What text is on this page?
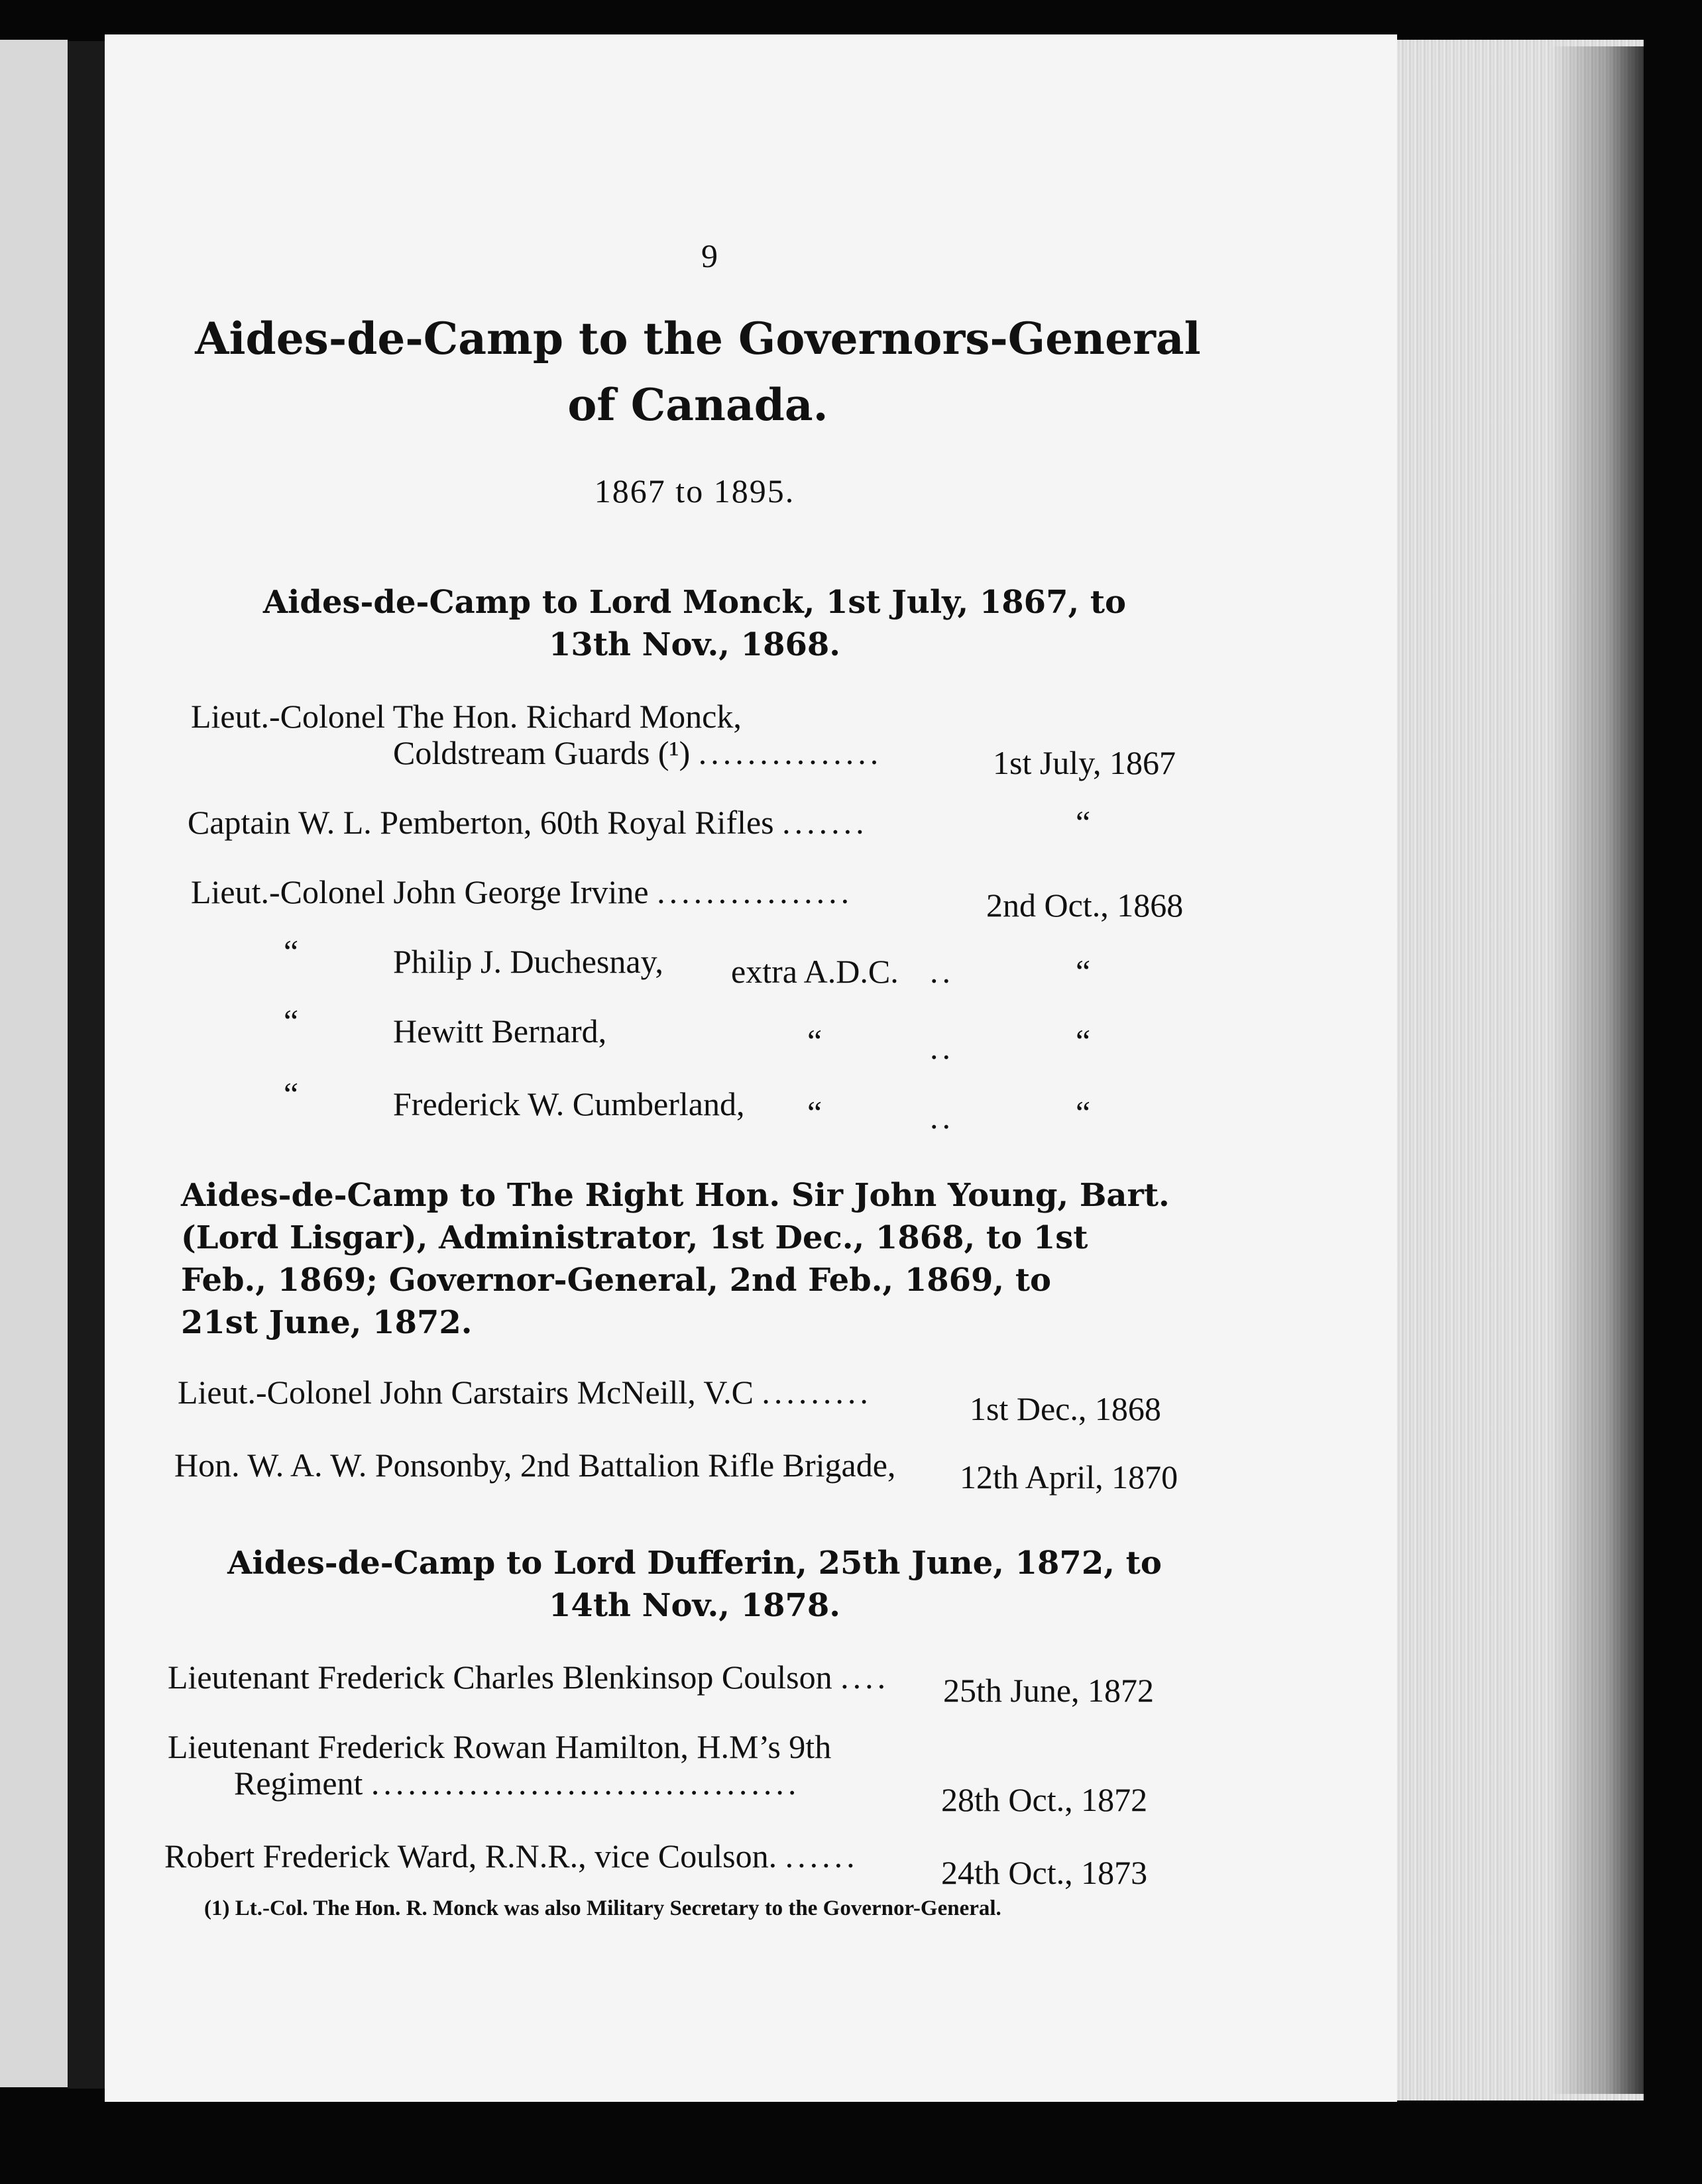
9
Aides-de-Camp to the Governors-General
of Canada.
1867 to 1895.
Aides-de-Camp to Lord Monck, 1st July, 1867, to
13th Nov., 1868.
Lieut.-Colonel The Hon. Richard Monck,
Coldstream Guards (¹) ...............	1st July, 1867
Captain W. L. Pemberton, 60th Royal Rifles .......	“
Lieut.-Colonel John George Irvine ................	2nd Oct., 1868
“	Philip J. Duchesnay, extra A.D.C. ..	“
“	Hewitt Bernard,	“	..	“
“	Frederick W. Cumberland, “	..	“
Aides-de-Camp to The Right Hon. Sir John Young, Bart.
(Lord Lisgar), Administrator, 1st Dec., 1868, to 1st
Feb., 1869; Governor-General, 2nd Feb., 1869, to
21st June, 1872.
Lieut.-Colonel John Carstairs McNeill, V.C .........	1st Dec., 1868
Hon. W. A. W. Ponsonby, 2nd Battalion Rifle Brigade, 12th April, 1870
Aides-de-Camp to Lord Dufferin, 25th June, 1872, to
14th Nov., 1878.
Lieutenant Frederick Charles Blenkinsop Coulson .... 25th June, 1872
Lieutenant Frederick Rowan Hamilton, H.M’s 9th
Regiment ...................................	28th Oct., 1872
Robert Frederick Ward, R.N.R., vice Coulson. ...... 24th Oct., 1873
(1) Lt.-Col. The Hon. R. Monck was also Military Secretary to the Governor-General.
